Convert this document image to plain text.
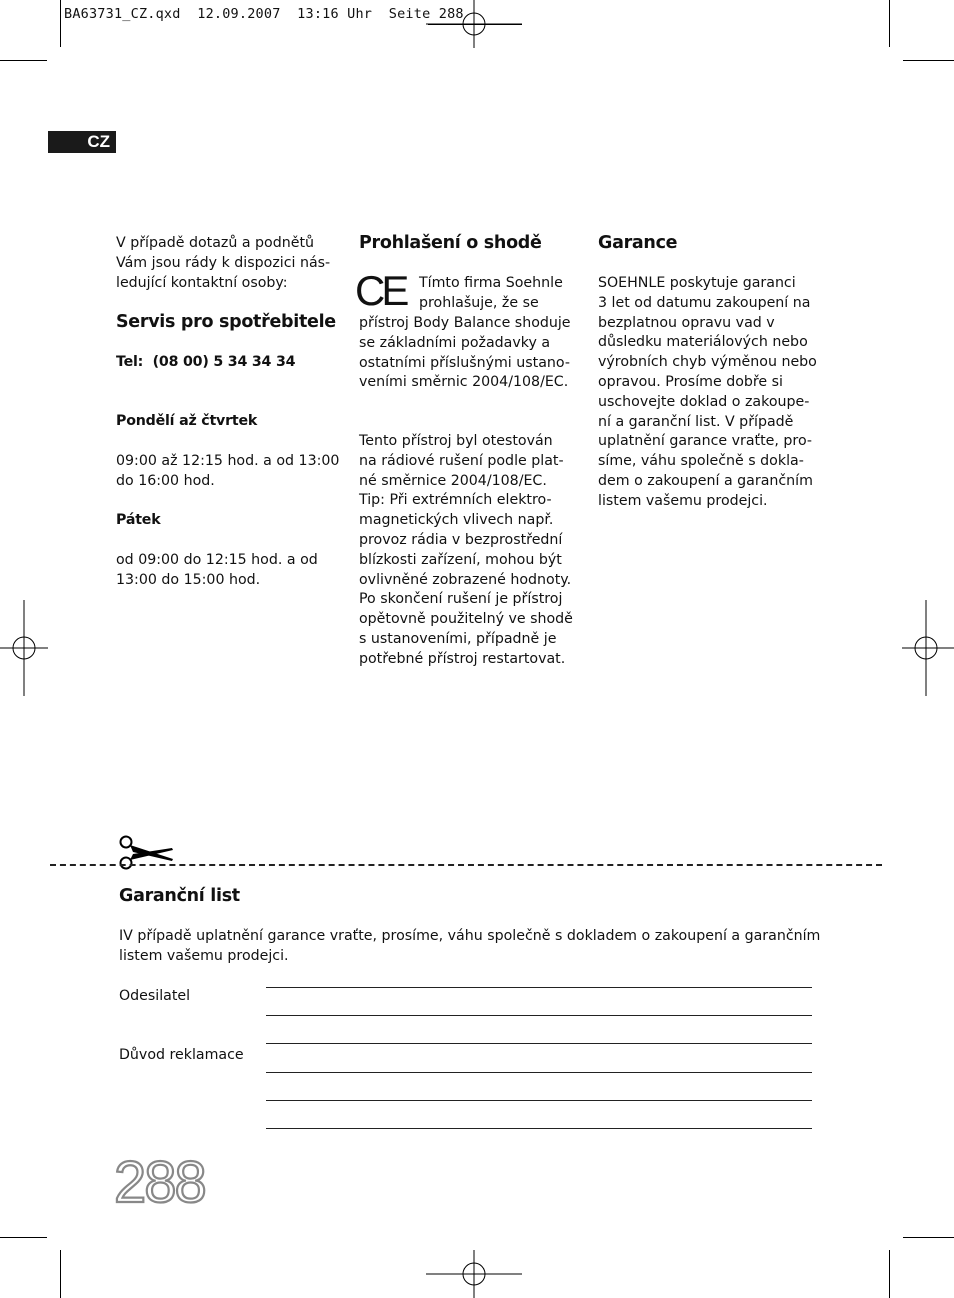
BA63731_CZ.qxd  12.09.2007  13:16 Uhr  Seite 288
CZ
V případě dotazů a podnětů
Vám jsou rády k dispozici nás-
ledující kontaktní osoby:
Servis pro spotřebitele
Tel:  (08 00) 5 34 34 34
Pondělí až čtvrtek
09:00 až 12:15 hod. a od 13:00
do 16:00 hod.
Pátek
od 09:00 do 12:15 hod. a od
13:00 do 15:00 hod.
Prohlašení o shodě
CE Tímto firma Soehnle
prohlašuje, že se
přístroj Body Balance shoduje
se základními požadavky a
ostatními příslušnými ustano-
veními směrnic 2004/108/EC.
Tento přístroj byl otestován
na rádiové rušení podle plat-
né směrnice 2004/108/EC.
Tip: Při extrémních elektro-
magnetických vlivech např.
provoz rádia v bezprostřední
blízkosti zařízení, mohou být
ovlivněné zobrazené hodnoty.
Po skončení rušení je přístroj
opětovně použitelný ve shodě
s ustanoveními, případně je
potřebné přístroj restartovat.
Garance
SOEHNLE poskytuje garanci
3 let od datumu zakoupení na
bezplatnou opravu vad v
důsledku materiálových nebo
výrobních chyb výměnou nebo
opravou. Prosíme dobře si
uschovejte doklad o zakoupe-
ní a garanční list. V případě
uplatnění garance vraťte, pro-
síme, váhu společně s dokla-
dem o zakoupení a garančním
listem vašemu prodejci.
Garanční list
IV případě uplatnění garance vraťte, prosíme, váhu společně s dokladem o zakoupení a garančním
listem vašemu prodejci.
Odesilatel
Důvod reklamace
288
